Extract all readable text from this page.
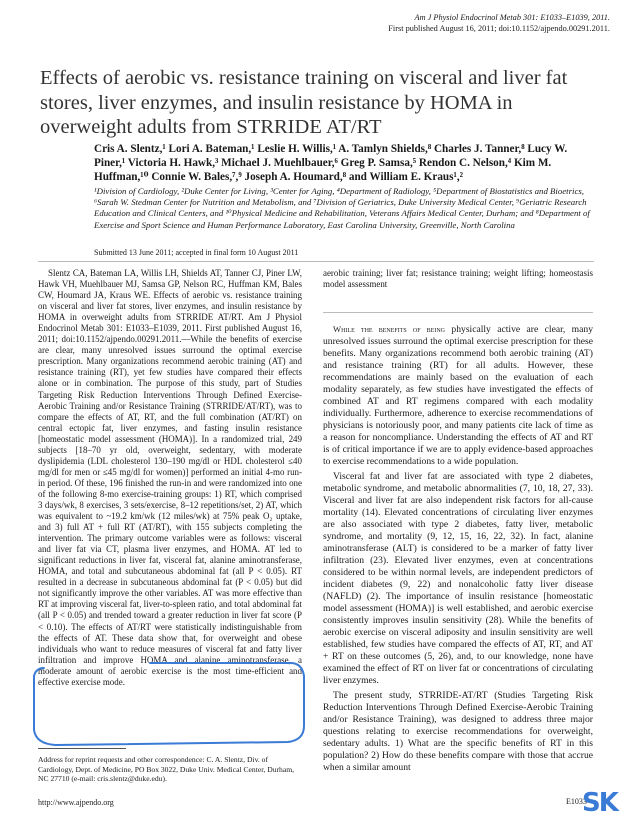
Am J Physiol Endocrinol Metab 301: E1033–E1039, 2011.
First published August 16, 2011; doi:10.1152/ajpendo.00291.2011.
Effects of aerobic vs. resistance training on visceral and liver fat stores, liver enzymes, and insulin resistance by HOMA in overweight adults from STRRIDE AT/RT
Cris A. Slentz,¹ Lori A. Bateman,¹ Leslie H. Willis,¹ A. Tamlyn Shields,⁸ Charles J. Tanner,⁸ Lucy W. Piner,¹ Victoria H. Hawk,³ Michael J. Muehlbauer,⁶ Greg P. Samsa,⁵ Rendon C. Nelson,⁴ Kim M. Huffman,¹⁰ Connie W. Bales,⁷,⁹ Joseph A. Houmard,⁸ and William E. Kraus¹,²
¹Division of Cardiology, ²Duke Center for Living, ³Center for Aging, ⁴Department of Radiology, ⁵Department of Biostatistics and Bioetrics, ⁶Sarah W. Stedman Center for Nutrition and Metabolism, and ⁷Division of Geriatrics, Duke University Medical Center, ⁹Geriatric Research Education and Clinical Centers, and ¹⁰Physical Medicine and Rehabilitation, Veterans Affairs Medical Center, Durham; and ⁸Department of Exercise and Sport Science and Human Performance Laboratory, East Carolina University, Greenville, North Carolina
Submitted 13 June 2011; accepted in final form 10 August 2011

Slentz CA, Bateman LA, Willis LH, Shields AT, Tanner CJ, Piner LW, Hawk VH, Muehlbauer MJ, Samsa GP, Nelson RC, Huffman KM, Bales CW, Houmard JA, Kraus WE. Effects of aerobic vs. resistance training on visceral and liver fat stores, liver enzymes, and insulin resistance by HOMA in overweight adults from STRRIDE AT/RT. Am J Physiol Endocrinol Metab 301: E1033–E1039, 2011. First published August 16, 2011; doi:10.1152/ajpendo.00291.2011.—While the benefits of exercise are clear, many unresolved issues surround the optimal exercise prescription. Many organizations recommend aerobic training (AT) and resistance training (RT), yet few studies have compared their effects alone or in combination. The purpose of this study, part of Studies Targeting Risk Reduction Interventions Through Defined Exercise-Aerobic Training and/or Resistance Training (STRRIDE/AT/RT), was to compare the effects of AT, RT, and the full combination (AT/RT) on central ectopic fat, liver enzymes, and fasting insulin resistance [homeostatic model assessment (HOMA)]. In a randomized trial, 249 subjects [18–70 yr old, overweight, sedentary, with moderate dyslipidemia (LDL cholesterol 130–190 mg/dl or HDL cholesterol ≤40 mg/dl for men or ≤45 mg/dl for women)] performed an initial 4-mo run-in period. Of these, 196 finished the run-in and were randomized into one of the following 8-mo exercise-training groups: 1) RT, which comprised 3 days/wk, 8 exercises, 3 sets/exercise, 8–12 repetitions/set, 2) AT, which was equivalent to ~19.2 km/wk (12 miles/wk) at 75% peak O₂ uptake, and 3) full AT + full RT (AT/RT), with 155 subjects completing the intervention. The primary outcome variables were as follows: visceral and liver fat via CT, plasma liver enzymes, and HOMA. AT led to significant reductions in liver fat, visceral fat, alanine aminotransferase, HOMA, and total and subcutaneous abdominal fat (all P < 0.05). RT resulted in a decrease in subcutaneous abdominal fat (P < 0.05) but did not significantly improve the other variables. AT was more effective than RT at improving visceral fat, liver-to-spleen ratio, and total abdominal fat (all P < 0.05) and trended toward a greater reduction in liver fat score (P < 0.10). The effects of AT/RT were statistically indistinguishable from the effects of AT. These data show that, for overweight and obese individuals who want to reduce measures of visceral fat and fatty liver infiltration and improve HOMA and alanine aminotransferase, a moderate amount of aerobic exercise is the most time-efficient and effective exercise mode.

aerobic training; liver fat; resistance training; weight lifting; homeostasis model assessment

While the benefits of being physically active are clear, many unresolved issues surround the optimal exercise prescription for these benefits. Many organizations recommend both aerobic training (AT) and resistance training (RT) for all adults. However, these recommendations are mainly based on the evaluation of each modality separately, as few studies have investigated the effects of combined AT and RT regimens compared with each modality individually. Furthermore, adherence to exercise recommendations of physicians is notoriously poor, and many patients cite lack of time as a reason for noncompliance. Understanding the effects of AT and RT is of critical importance if we are to apply evidence-based approaches to exercise recommendations to a wide population.

Visceral fat and liver fat are associated with type 2 diabetes, metabolic syndrome, and metabolic abnormalities (7, 10, 18, 27, 33). Visceral and liver fat are also independent risk factors for all-cause mortality (14). Elevated concentrations of circulating liver enzymes are also associated with type 2 diabetes, fatty liver, metabolic syndrome, and mortality (9, 12, 15, 16, 22, 32). In fact, alanine aminotransferase (ALT) is considered to be a marker of fatty liver infiltration (23). Elevated liver enzymes, even at concentrations considered to be within normal levels, are independent predictors of incident diabetes (9, 22) and nonalcoholic fatty liver disease (NAFLD) (2). The importance of insulin resistance [homeostatic model assessment (HOMA)] is well established, and aerobic exercise consistently improves insulin sensitivity (28). While the benefits of aerobic exercise on visceral adiposity and insulin sensitivity are well established, few studies have compared the effects of AT, RT, and AT + RT on these outcomes (5, 26), and, to our knowledge, none have examined the effect of RT on liver fat or concentrations of circulating liver enzymes.

The present study, STRRIDE-AT/RT (Studies Targeting Risk Reduction Interventions Through Defined Exercise-Aerobic Training and/or Resistance Training), was designed to address three major questions relating to exercise recommendations for overweight, sedentary adults. 1) What are the specific benefits of RT in this population? 2) How do these benefits compare with those that accrue when a similar amount

Address for reprint requests and other correspondence: C. A. Slentz, Div. of Cardiology, Dept. of Medicine, PO Box 3022, Duke Univ. Medical Center, Durham, NC 27710 (e-mail: cris.slentz@duke.edu).
http://www.ajpendo.org	E1033
SK
